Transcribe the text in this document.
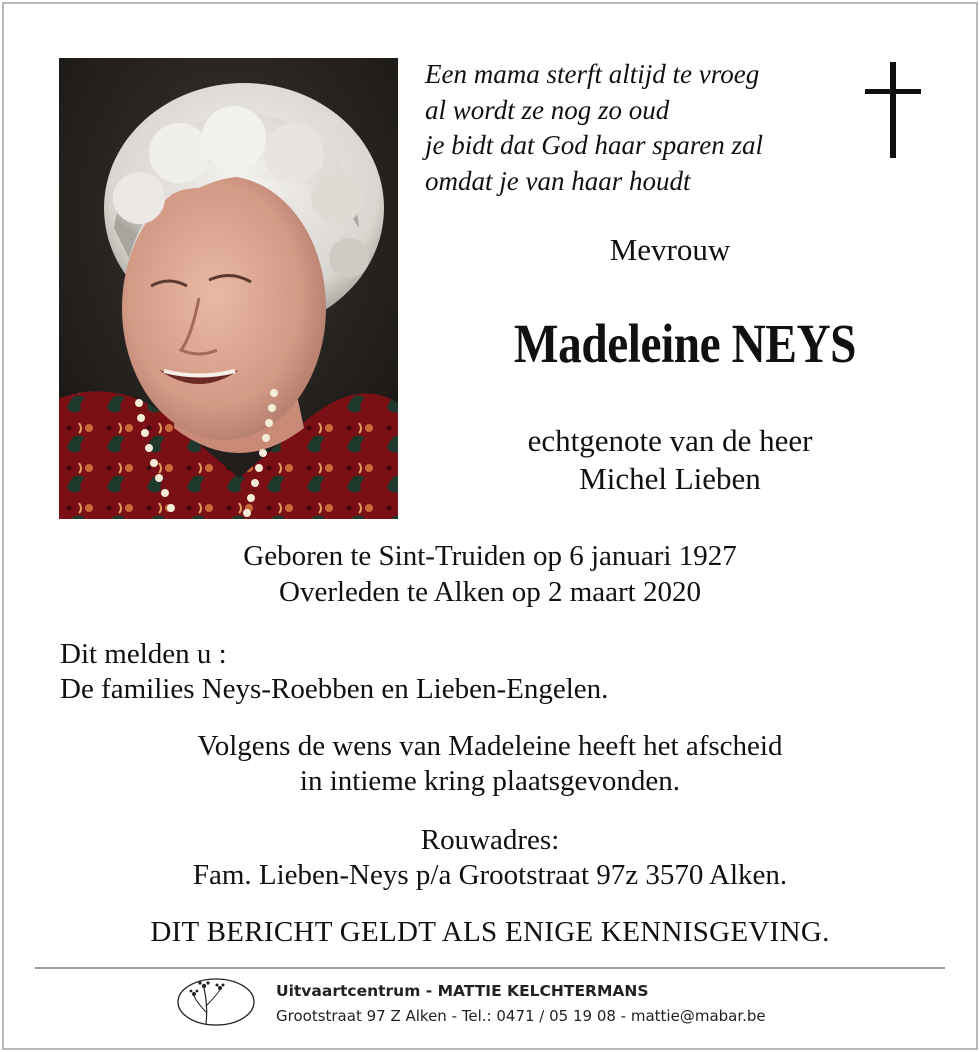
Een mama sterft altijd te vroeg
al wordt ze nog zo oud
je bidt dat God haar sparen zal
omdat je van haar houdt
Mevrouw
Madeleine NEYS
echtgenote van de heer
Michel Lieben
Geboren te Sint-Truiden op 6 januari 1927
Overleden te Alken op 2 maart 2020
Dit melden u :
De families Neys-Roebben en Lieben-Engelen.
Volgens de wens van Madeleine heeft het afscheid
in intieme kring plaatsgevonden.
Rouwadres:
Fam. Lieben-Neys p/a Grootstraat 97z 3570 Alken.
DIT BERICHT GELDT ALS ENIGE KENNISGEVING.
Uitvaartcentrum - MATTIE KELCHTERMANS
Grootstraat 97 Z Alken - Tel.: 0471 / 05 19 08 - mattie@mabar.be
